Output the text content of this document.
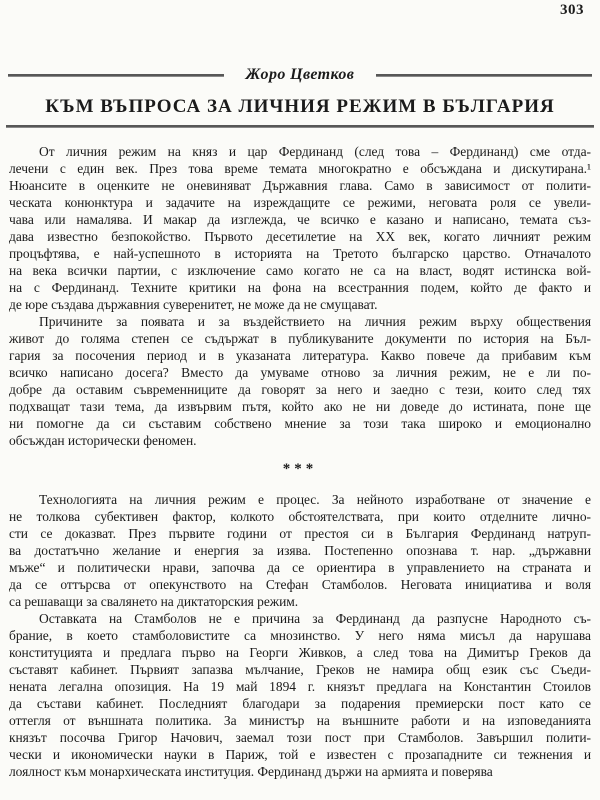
303
Жоро Цветков
КЪМ ВЪПРОСА ЗА ЛИЧНИЯ РЕЖИМ В БЪЛГАРИЯ
От личния режим на княз и цар Фердинанд (след това – Фердинанд) сме отда-
лечени с един век. През това време темата многократно е обсъждана и дискутирана.¹
Нюансите в оценките не оневиняват Държавния глава. Само в зависимост от полити-
ческата конюнктура и задачите на изреждащите се режими, неговата роля се увели-
чава или намалява. И макар да изглежда, че всичко е казано и написано, темата съз-
дава известно безпокойство. Първото десетилетие на ХХ век, когато личният режим
процъфтява, е най-успешното в историята на Третото българско царство. Отначалото
на века всички партии, с изключение само когато не са на власт, водят истинска вой-
на с Фердинанд. Техните критики на фона на всестранния подем, който де факто и
де юре създава държавния суверенитет, не може да не смущават.
Причините за появата и за въздействието на личния режим върху обществения
живот до голяма степен се съдържат в публикуваните документи по история на Бъл-
гария за посочения период и в указаната литература. Какво повече да прибавим към
всичко написано досега? Вместо да умуваме отново за личния режим, не е ли по-
добре да оставим съвременниците да говорят за него и заедно с тези, които след тях
подхващат тази тема, да извървим пътя, който ако не ни доведе до истината, поне ще
ни помогне да си съставим собствено мнение за този така широко и емоционално
обсъждан исторически феномен.
***
Технологията на личния режим е процес. За нейното изработване от значение е
не толкова субективен фактор, колкото обстоятелствата, при които отделните лично-
сти се доказват. През първите години от престоя си в България Фердинанд натруп-
ва достатъчно желание и енергия за изява. Постепенно опознава т. нар. „държавни
мъже“ и политически нрави, започва да се ориентира в управлението на страната и
да се оттърсва от опекунството на Стефан Стамболов. Неговата инициатива и воля
са решаващи за свалянето на диктаторския режим.
Оставката на Стамболов не е причина за Фердинанд да разпусне Народното съ-
брание, в което стамболовистите са мнозинство. У него няма мисъл да нарушава
конституцията и предлага първо на Георги Живков, а след това на Димитър Греков да
съставят кабинет. Първият запазва мълчание, Греков не намира общ език със Съеди-
нената легална опозиция. На 19 май 1894 г. князът предлага на Константин Стоилов
да състави кабинет. Последният благодари за подарения премиерски пост като се
оттегля от външната политика. За министър на външните работи и на изповеданията
князът посочва Григор Начович, заемал този пост при Стамболов. Завършил полити-
чески и икономически науки в Париж, той е известен с прозападните си тежнения и
лоялност към монархическата институция. Фердинанд държи на армията и поверява
